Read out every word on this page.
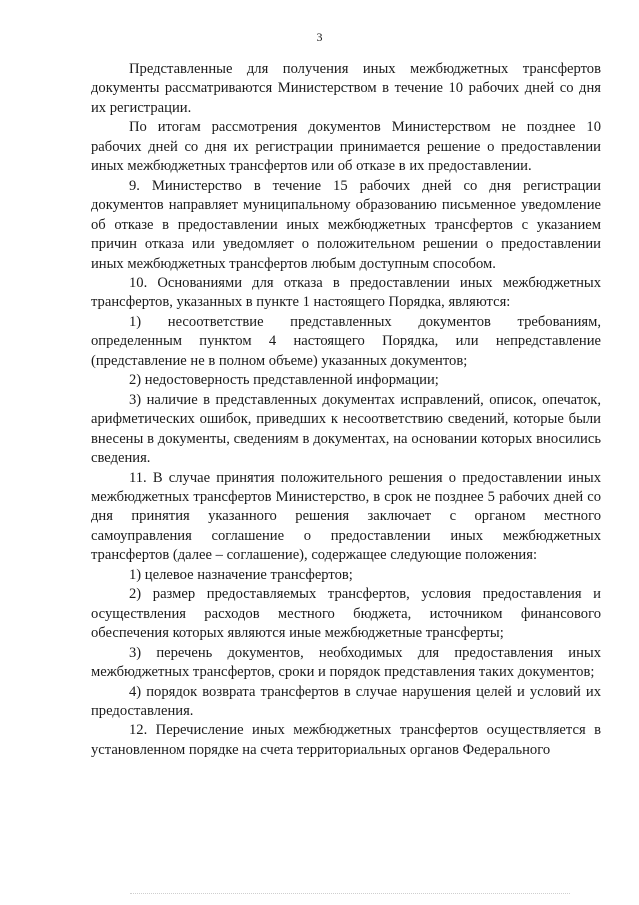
3

Представленные для получения иных межбюджетных трансфертов документы рассматриваются Министерством в течение 10 рабочих дней со дня их регистрации.

По итогам рассмотрения документов Министерством не позднее 10 рабочих дней со дня их регистрации принимается решение о предоставлении иных межбюджетных трансфертов или об отказе в их предоставлении.

9. Министерство в течение 15 рабочих дней со дня регистрации документов направляет муниципальному образованию письменное уведомление об отказе в предоставлении иных межбюджетных трансфертов с указанием причин отказа или уведомляет о положительном решении о предоставлении иных межбюджетных трансфертов любым доступным способом.

10. Основаниями для отказа в предоставлении иных межбюджетных трансфертов, указанных в пункте 1 настоящего Порядка, являются:

1) несоответствие представленных документов требованиям, определенным пунктом 4 настоящего Порядка, или непредставление (представление не в полном объеме) указанных документов;

2) недостоверность представленной информации;

3) наличие в представленных документах исправлений, описок, опечаток, арифметических ошибок, приведших к несоответствию сведений, которые были внесены в документы, сведениям в документах, на основании которых вносились сведения.

11. В случае принятия положительного решения о предоставлении иных межбюджетных трансфертов Министерство, в срок не позднее 5 рабочих дней со дня принятия указанного решения заключает с органом местного самоуправления соглашение о предоставлении иных межбюджетных трансфертов (далее – соглашение), содержащее следующие положения:

1) целевое назначение трансфертов;

2) размер предоставляемых трансфертов, условия предоставления и осуществления расходов местного бюджета, источником финансового обеспечения которых являются иные межбюджетные трансферты;

3) перечень документов, необходимых для предоставления иных межбюджетных трансфертов, сроки и порядок представления таких документов;

4) порядок возврата трансфертов в случае нарушения целей и условий их предоставления.

12. Перечисление иных межбюджетных трансфертов осуществляется в установленном порядке на счета территориальных органов Федерального
